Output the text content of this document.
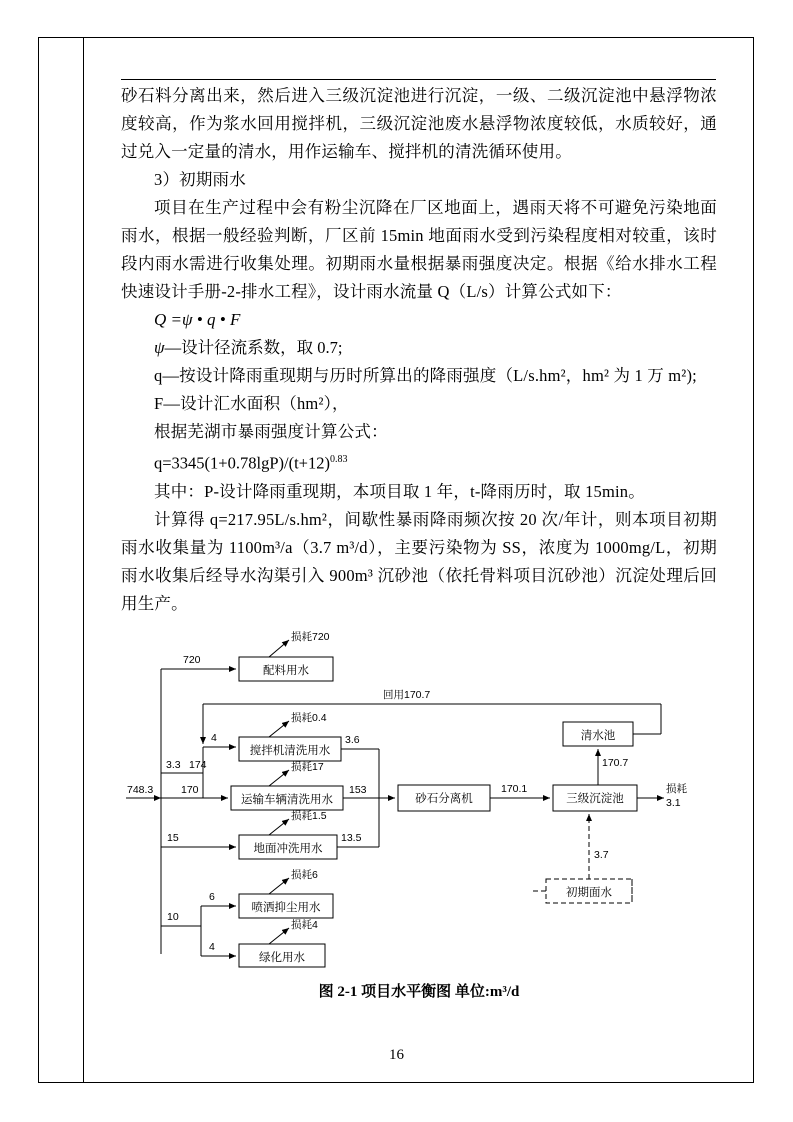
砂石料分离出来，然后进入三级沉淀池进行沉淀，一级、二级沉淀池中悬浮物浓度较高，作为浆水回用搅拌机，三级沉淀池废水悬浮物浓度较低，水质较好，通过兑入一定量的清水，用作运输车、搅拌机的清洗循环使用。

3）初期雨水

项目在生产过程中会有粉尘沉降在厂区地面上，遇雨天将不可避免污染地面雨水，根据一般经验判断，厂区前 15min 地面雨水受到污染程度相对较重，该时段内雨水需进行收集处理。初期雨水量根据暴雨强度决定。根据《给水排水工程快速设计手册-2-排水工程》，设计雨水流量 Q（L/s）计算公式如下：

Q =ψ • q • F
ψ—设计径流系数，取 0.7;

q—按设计降雨重现期与历时所算出的降雨强度（L/s.hm²，hm² 为 1 万 m²);

F—设计汇水面积（hm²），

根据芜湖市暴雨强度计算公式：

$q=3345(1+0.78\lg P)/(t+12)^{0.83}$

其中：P-设计降雨重现期，本项目取 1 年，t-降雨历时，取 15min。

计算得 q=217.95L/s.hm²，间歇性暴雨降雨频次按 20 次/年计，则本项目初期雨水收集量为 1100m³/a（3.7 m³/d），主要污染物为 SS，浓度为 1000mg/L，初期雨水收集后经导水沟渠引入 900m³ 沉砂池（依托骨料项目沉砂池）沉淀处理后回用生产。

配料用水
搅拌机清洗用水
运输车辆清洗用水
地面冲洗用水
喷洒抑尘用水
绿化用水
砂石分离机	三级沉淀池
清水池
初期面水
748.3
720
损耗720
3.3 174
4
170
损耗0.4
损耗17
损耗1.5
15
10
6
4
损耗6
损耗4
3.6
153
13.5
170.1
170.7
损耗
3.1
回用170.7
3.7
图 2-1 项目水平衡图 单位:m³/d
16
